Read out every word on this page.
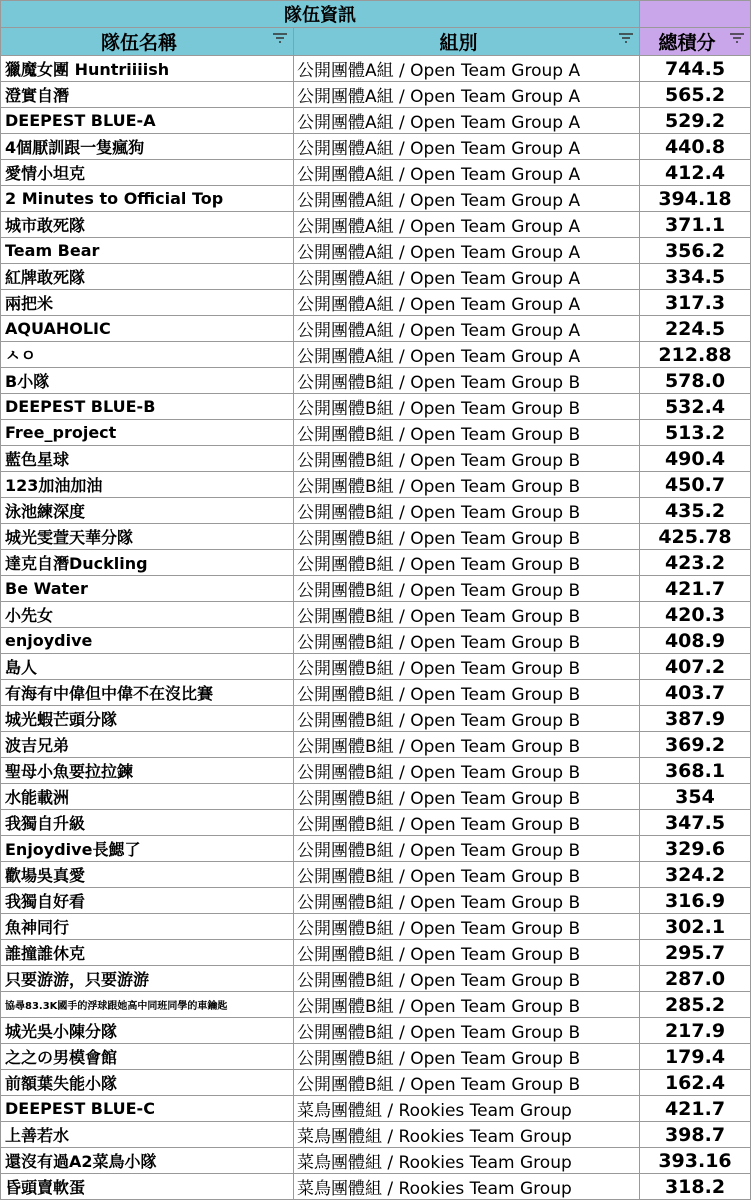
隊伍資訊		

隊伍名稱	組別	總積分

獵魔女團 Huntriiiish	公開團體A組 / Open Team Group A	744.5
澄實自潛	公開團體A組 / Open Team Group A	565.2
DEEPEST BLUE-A	公開團體A組 / Open Team Group A	529.2
4個厭訓跟一隻瘋狗	公開團體A組 / Open Team Group A	440.8
愛情小坦克	公開團體A組 / Open Team Group A	412.4
2 Minutes to Official Top	公開團體A組 / Open Team Group A	394.18
城市敢死隊	公開團體A組 / Open Team Group A	371.1
Team Bear	公開團體A組 / Open Team Group A	356.2
紅牌敢死隊	公開團體A組 / Open Team Group A	334.5
兩把米	公開團體A組 / Open Team Group A	317.3
AQUAHOLIC	公開團體A組 / Open Team Group A	224.5
ㅅㅇ	公開團體A組 / Open Team Group A	212.88
B小隊	公開團體B組 / Open Team Group B	578.0
DEEPEST BLUE-B	公開團體B組 / Open Team Group B	532.4
Free_project	公開團體B組 / Open Team Group B	513.2
藍色星球	公開團體B組 / Open Team Group B	490.4
123加油加油	公開團體B組 / Open Team Group B	450.7
泳池練深度	公開團體B組 / Open Team Group B	435.2
城光雯萱天華分隊	公開團體B組 / Open Team Group B	425.78
達克自潛Duckling	公開團體B組 / Open Team Group B	423.2
Be Water	公開團體B組 / Open Team Group B	421.7
小先女	公開團體B組 / Open Team Group B	420.3
enjoydive	公開團體B組 / Open Team Group B	408.9
島人	公開團體B組 / Open Team Group B	407.2
有海有中偉但中偉不在沒比賽	公開團體B組 / Open Team Group B	403.7
城光蝦芒頭分隊	公開團體B組 / Open Team Group B	387.9
波吉兄弟	公開團體B組 / Open Team Group B	369.2
聖母小魚要拉拉鍊	公開團體B組 / Open Team Group B	368.1
水能載洲	公開團體B組 / Open Team Group B	354
我獨自升級	公開團體B組 / Open Team Group B	347.5
Enjoydive長鰓了	公開團體B組 / Open Team Group B	329.6
歡場吳真愛	公開團體B組 / Open Team Group B	324.2
我獨自好看	公開團體B組 / Open Team Group B	316.9
魚神同行	公開團體B組 / Open Team Group B	302.1
誰撞誰休克	公開團體B組 / Open Team Group B	295.7
只要游游，只要游游	公開團體B組 / Open Team Group B	287.0
協尋83.3K國手的浮球跟她高中同班同學的車鑰匙	公開團體B組 / Open Team Group B	285.2
城光吳小陳分隊	公開團體B組 / Open Team Group B	217.9
之之の男模會館	公開團體B組 / Open Team Group B	179.4
前額葉失能小隊	公開團體B組 / Open Team Group B	162.4
DEEPEST BLUE-C	菜鳥團體組 / Rookies Team Group	421.7
上善若水	菜鳥團體組 / Rookies Team Group	398.7
還沒有過A2菜鳥小隊	菜鳥團體組 / Rookies Team Group	393.16
昏頭賣軟蛋	菜鳥團體組 / Rookies Team Group	318.2
